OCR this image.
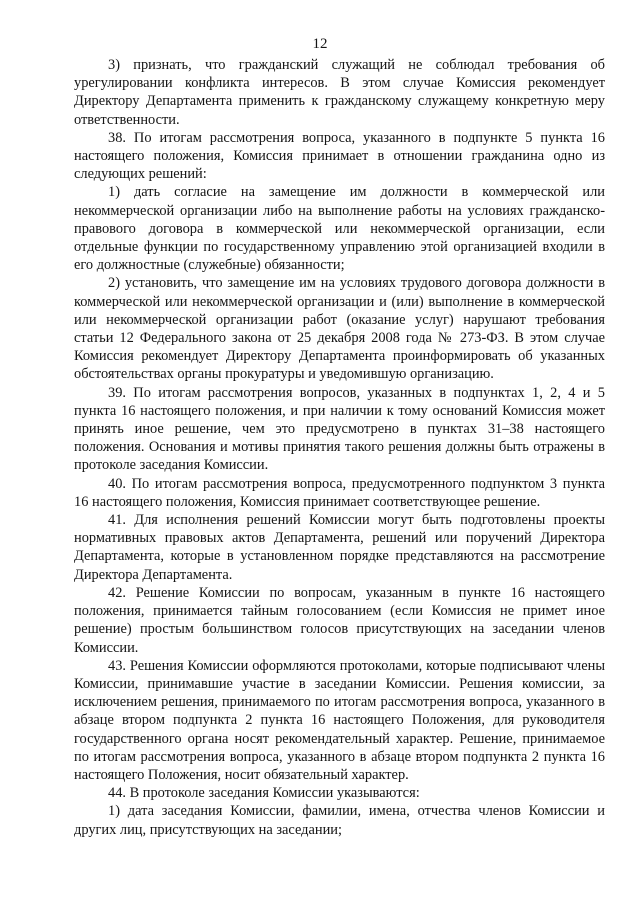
12

3) признать, что гражданский служащий не соблюдал требования об урегулировании конфликта интересов. В этом случае Комиссия рекомендует Директору Департамента применить к гражданскому служащему конкретную меру ответственности.

38. По итогам рассмотрения вопроса, указанного в подпункте 5 пункта 16 настоящего положения, Комиссия принимает в отношении гражданина одно из следующих решений:

1) дать согласие на замещение им должности в коммерческой или некоммерческой организации либо на выполнение работы на условиях гражданско-правового договора в коммерческой или некоммерческой организации, если отдельные функции по государственному управлению этой организацией входили в его должностные (служебные) обязанности;

2) установить, что замещение им на условиях трудового договора должности в коммерческой или некоммерческой организации и (или) выполнение в коммерческой или некоммерческой организации работ (оказание услуг) нарушают требования статьи 12 Федерального закона от 25 декабря 2008 года № 273-ФЗ. В этом случае Комиссия рекомендует Директору Департамента проинформировать об указанных обстоятельствах органы прокуратуры и уведомившую организацию.

39. По итогам рассмотрения вопросов, указанных в подпунктах 1, 2, 4 и 5 пункта 16 настоящего положения, и при наличии к тому оснований Комиссия может принять иное решение, чем это предусмотрено в пунктах 31–38 настоящего положения. Основания и мотивы принятия такого решения должны быть отражены в протоколе заседания Комиссии.

40. По итогам рассмотрения вопроса, предусмотренного подпунктом 3 пункта 16 настоящего положения, Комиссия принимает соответствующее решение.

41. Для исполнения решений Комиссии могут быть подготовлены проекты нормативных правовых актов Департамента, решений или поручений Директора Департамента, которые в установленном порядке представляются на рассмотрение Директора Департамента.

42. Решение Комиссии по вопросам, указанным в пункте 16 настоящего положения, принимается тайным голосованием (если Комиссия не примет иное решение) простым большинством голосов присутствующих на заседании членов Комиссии.

43. Решения Комиссии оформляются протоколами, которые подписывают члены Комиссии, принимавшие участие в заседании Комиссии. Решения комиссии, за исключением решения, принимаемого по итогам рассмотрения вопроса, указанного в абзаце втором подпункта 2 пункта 16 настоящего Положения, для руководителя государственного органа носят рекомендательный характер. Решение, принимаемое по итогам рассмотрения вопроса, указанного в абзаце втором подпункта 2 пункта 16 настоящего Положения, носит обязательный характер.

44. В протоколе заседания Комиссии указываются:

1) дата заседания Комиссии, фамилии, имена, отчества членов Комиссии и других лиц, присутствующих на заседании;
